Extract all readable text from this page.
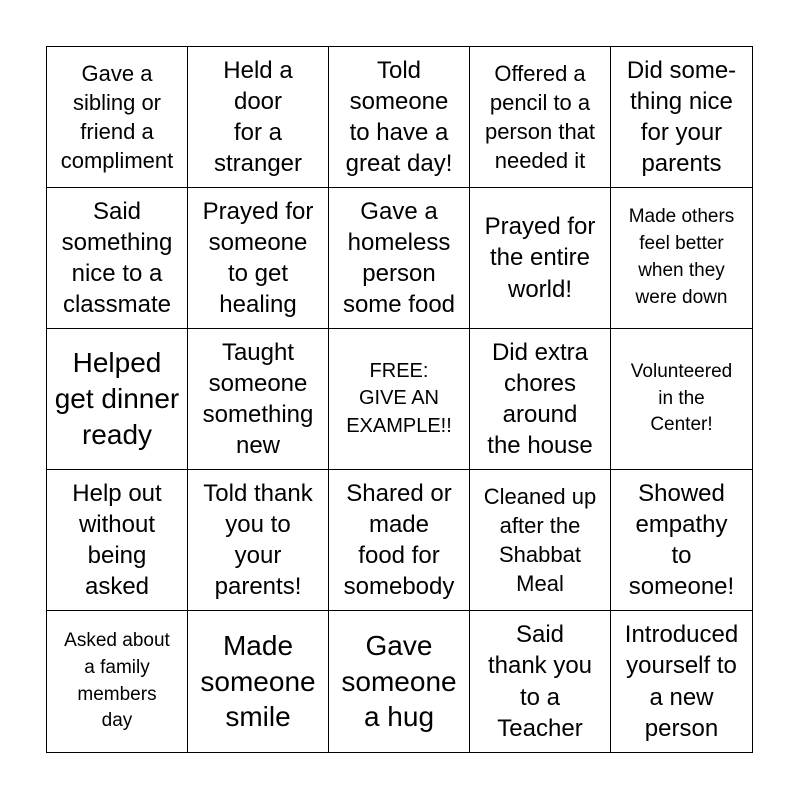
Gave a
sibling or
friend a
compliment
Held a
door
for a
stranger
Told
someone
to have a
great day!
Offered a
pencil to a
person that
needed it
Did some-
thing nice
for your
parents
Said
something
nice to a
classmate
Prayed for
someone
to get
healing
Gave a
homeless
person
some food
Prayed for
the entire
world!
Made others
feel better
when they
were down
Helped
get dinner
ready
Taught
someone
something
new
FREE:
GIVE AN
EXAMPLE!!
Did extra
chores
around
the house
Volunteered
in the
Center!
Help out
without
being
asked
Told thank
you to
your
parents!
Shared or
made
food for
somebody
Cleaned up
after the
Shabbat
Meal
Showed
empathy
to
someone!
Asked about
a family
members
day
Made
someone
smile
Gave
someone
a hug
Said
thank you
to a
Teacher
Introduced
yourself to
a new
person
